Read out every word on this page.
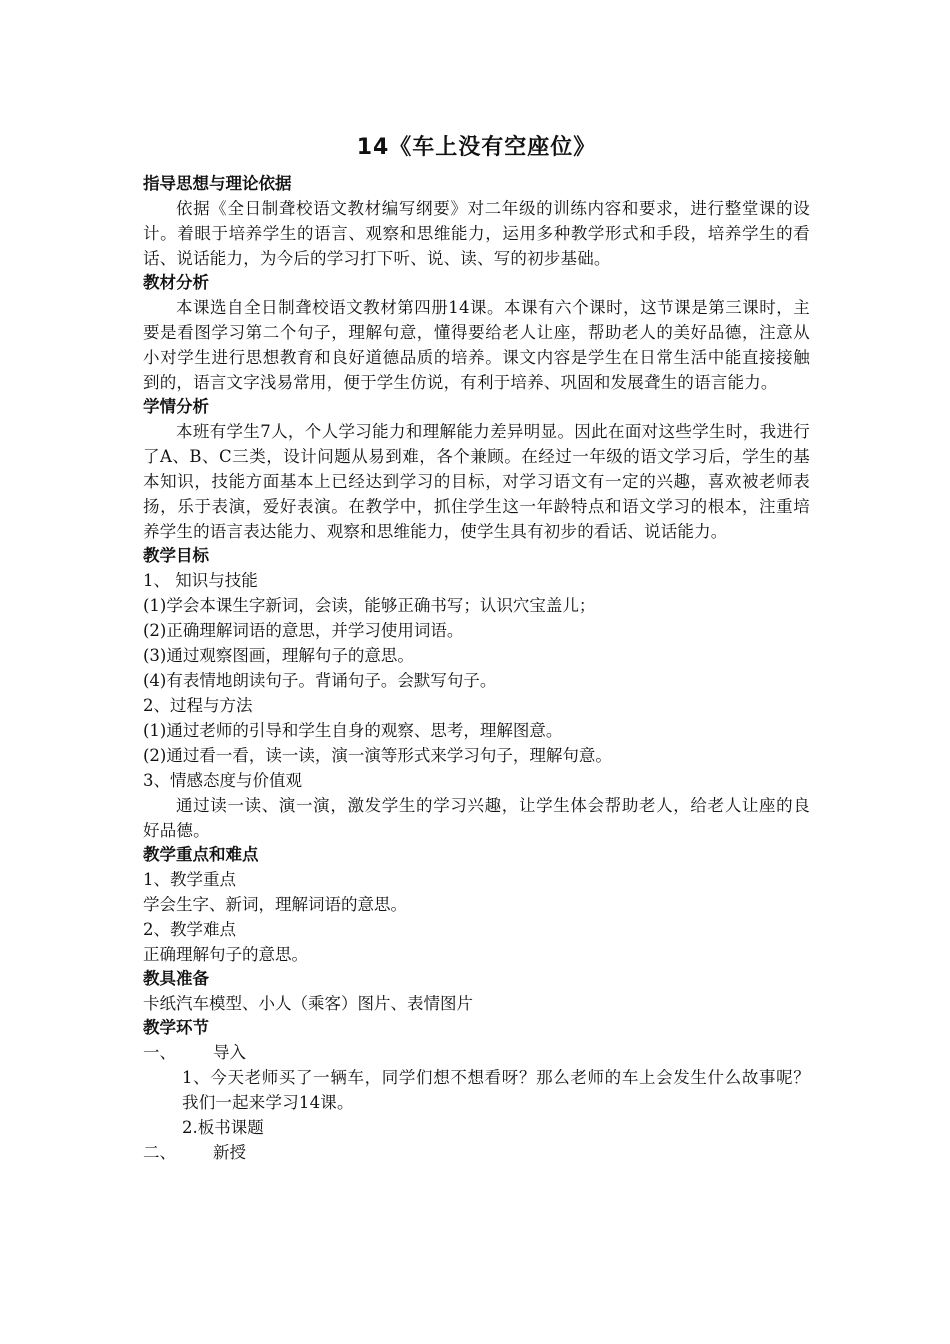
14《车上没有空座位》
指导思想与理论依据
依据《全日制聋校语文教材编写纲要》对二年级的训练内容和要求，进行整堂课的设计。着眼于培养学生的语言、观察和思维能力，运用多种教学形式和手段，培养学生的看话、说话能力，为今后的学习打下听、说、读、写的初步基础。
教材分析
本课选自全日制聋校语文教材第四册14课。本课有六个课时，这节课是第三课时，主要是看图学习第二个句子，理解句意，懂得要给老人让座，帮助老人的美好品德，注意从小对学生进行思想教育和良好道德品质的培养。课文内容是学生在日常生活中能直接接触到的，语言文字浅易常用，便于学生仿说，有利于培养、巩固和发展聋生的语言能力。
学情分析
本班有学生7人，个人学习能力和理解能力差异明显。因此在面对这些学生时，我进行了A、B、C三类，设计问题从易到难，各个兼顾。在经过一年级的语文学习后，学生的基本知识，技能方面基本上已经达到学习的目标，对学习语文有一定的兴趣，喜欢被老师表扬，乐于表演，爱好表演。在教学中，抓住学生这一年龄特点和语文学习的根本，注重培养学生的语言表达能力、观察和思维能力，使学生具有初步的看话、说话能力。
教学目标
1、 知识与技能
(1)学会本课生字新词，会读，能够正确书写；认识穴宝盖儿；
(2)正确理解词语的意思，并学习使用词语。
(3)通过观察图画，理解句子的意思。
(4)有表情地朗读句子。背诵句子。会默写句子。
2、过程与方法
(1)通过老师的引导和学生自身的观察、思考，理解图意。
(2)通过看一看，读一读，演一演等形式来学习句子，理解句意。
3、情感态度与价值观
通过读一读、演一演，激发学生的学习兴趣，让学生体会帮助老人，给老人让座的良好品德。
教学重点和难点
1、教学重点
学会生字、新词，理解词语的意思。
2、教学难点
正确理解句子的意思。
教具准备
卡纸汽车模型、小人（乘客）图片、表情图片
教学环节
一、 导入
1、今天老师买了一辆车，同学们想不想看呀？那么老师的车上会发生什么故事呢？我们一起来学习14课。
2.板书课题
二、 新授
